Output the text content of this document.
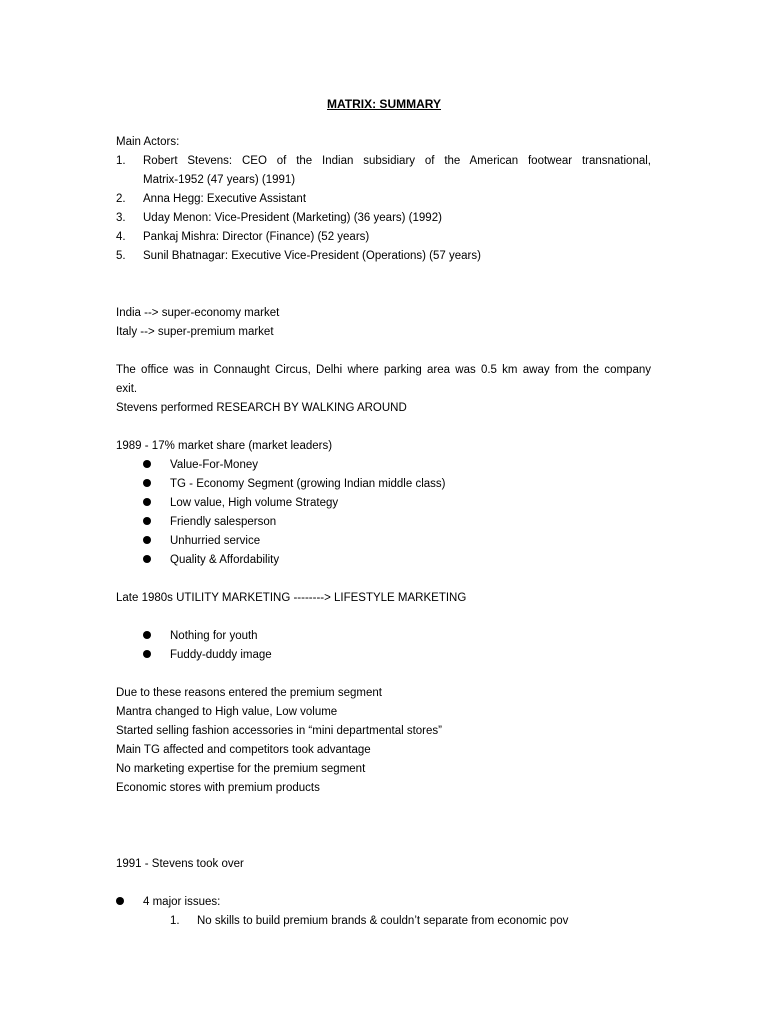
MATRIX: SUMMARY
Main Actors:
1.	Robert Stevens: CEO of the Indian subsidiary of the American footwear transnational,
Matrix-1952 (47 years) (1991)
2.	Anna Hegg: Executive Assistant
3.	Uday Menon: Vice-President (Marketing) (36 years) (1992)
4.	Pankaj Mishra: Director (Finance) (52 years)
5.	Sunil Bhatnagar: Executive Vice-President (Operations) (57 years)
India --> super-economy market
Italy --> super-premium market
The office was in Connaught Circus, Delhi where parking area was 0.5 km away from the company
exit.
Stevens performed RESEARCH BY WALKING AROUND
1989 - 17% market share (market leaders)
Value-For-Money
TG - Economy Segment (growing Indian middle class)
Low value, High volume Strategy
Friendly salesperson
Unhurried service
Quality & Affordability
Late 1980s UTILITY MARKETING --------> LIFESTYLE MARKETING
Nothing for youth
Fuddy-duddy image
Due to these reasons entered the premium segment
Mantra changed to High value, Low volume
Started selling fashion accessories in “mini departmental stores”
Main TG affected and competitors took advantage
No marketing expertise for the premium segment
Economic stores with premium products
1991 - Stevens took over
4 major issues:
1.	No skills to build premium brands & couldn’t separate from economic pov
